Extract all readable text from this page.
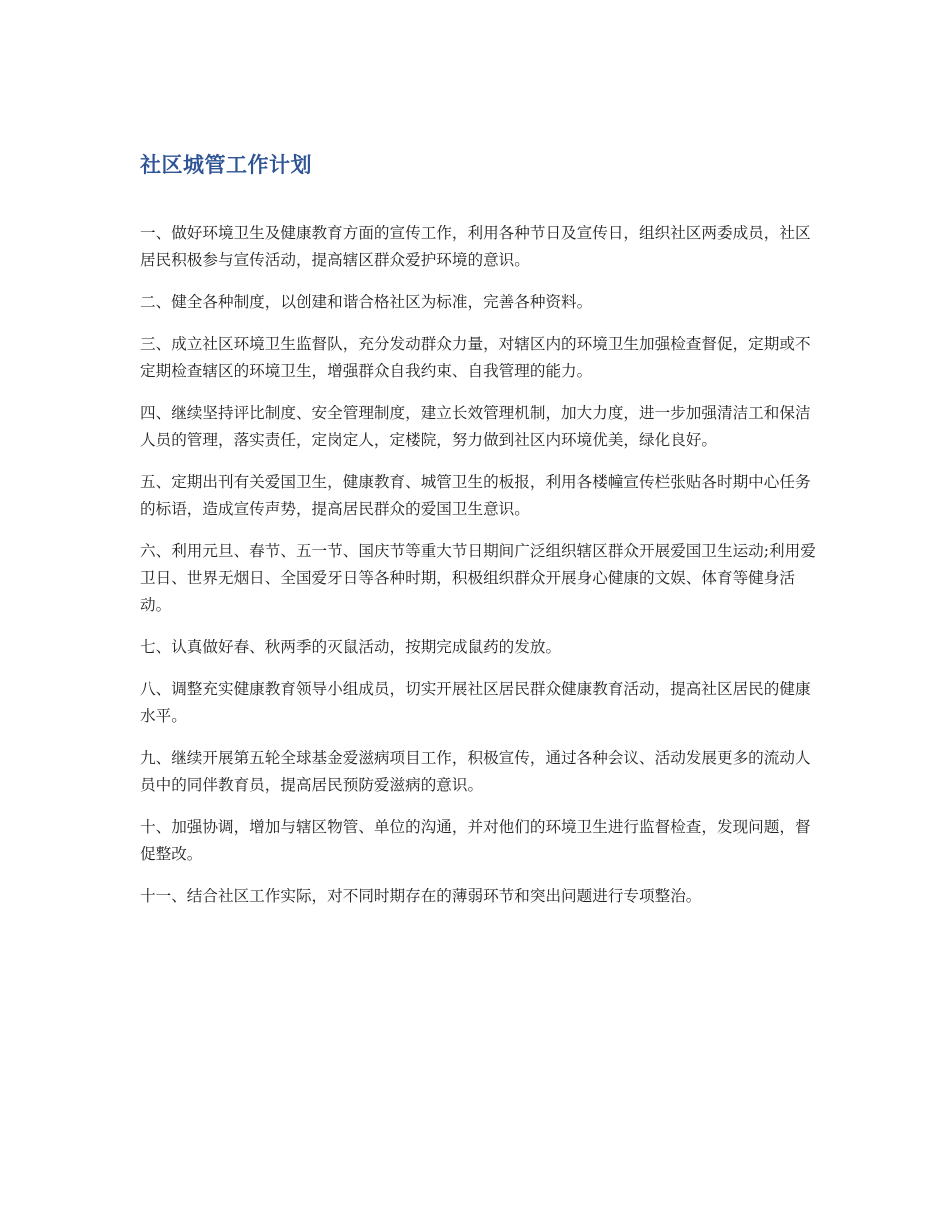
社区城管工作计划

一、做好环境卫生及健康教育方面的宣传工作，利用各种节日及宣传日，组织社区两委成员，社区居民积极参与宣传活动，提高辖区群众爱护环境的意识。

二、健全各种制度，以创建和谐合格社区为标准，完善各种资料。

三、成立社区环境卫生监督队，充分发动群众力量，对辖区内的环境卫生加强检查督促，定期或不定期检查辖区的环境卫生，增强群众自我约束、自我管理的能力。

四、继续坚持评比制度、安全管理制度，建立长效管理机制，加大力度，进一步加强清洁工和保洁人员的管理，落实责任，定岗定人，定楼院，努力做到社区内环境优美，绿化良好。

五、定期出刊有关爱国卫生，健康教育、城管卫生的板报，利用各楼幢宣传栏张贴各时期中心任务的标语，造成宣传声势，提高居民群众的爱国卫生意识。

六、利用元旦、春节、五一节、国庆节等重大节日期间广泛组织辖区群众开展爱国卫生运动;利用爱卫日、世界无烟日、全国爱牙日等各种时期，积极组织群众开展身心健康的文娱、体育等健身活动。

七、认真做好春、秋两季的灭鼠活动，按期完成鼠药的发放。

八、调整充实健康教育领导小组成员，切实开展社区居民群众健康教育活动，提高社区居民的健康水平。

九、继续开展第五轮全球基金爱滋病项目工作，积极宣传，通过各种会议、活动发展更多的流动人员中的同伴教育员，提高居民预防爱滋病的意识。

十、加强协调，增加与辖区物管、单位的沟通，并对他们的环境卫生进行监督检查，发现问题，督促整改。

十一、结合社区工作实际，对不同时期存在的薄弱环节和突出问题进行专项整治。
